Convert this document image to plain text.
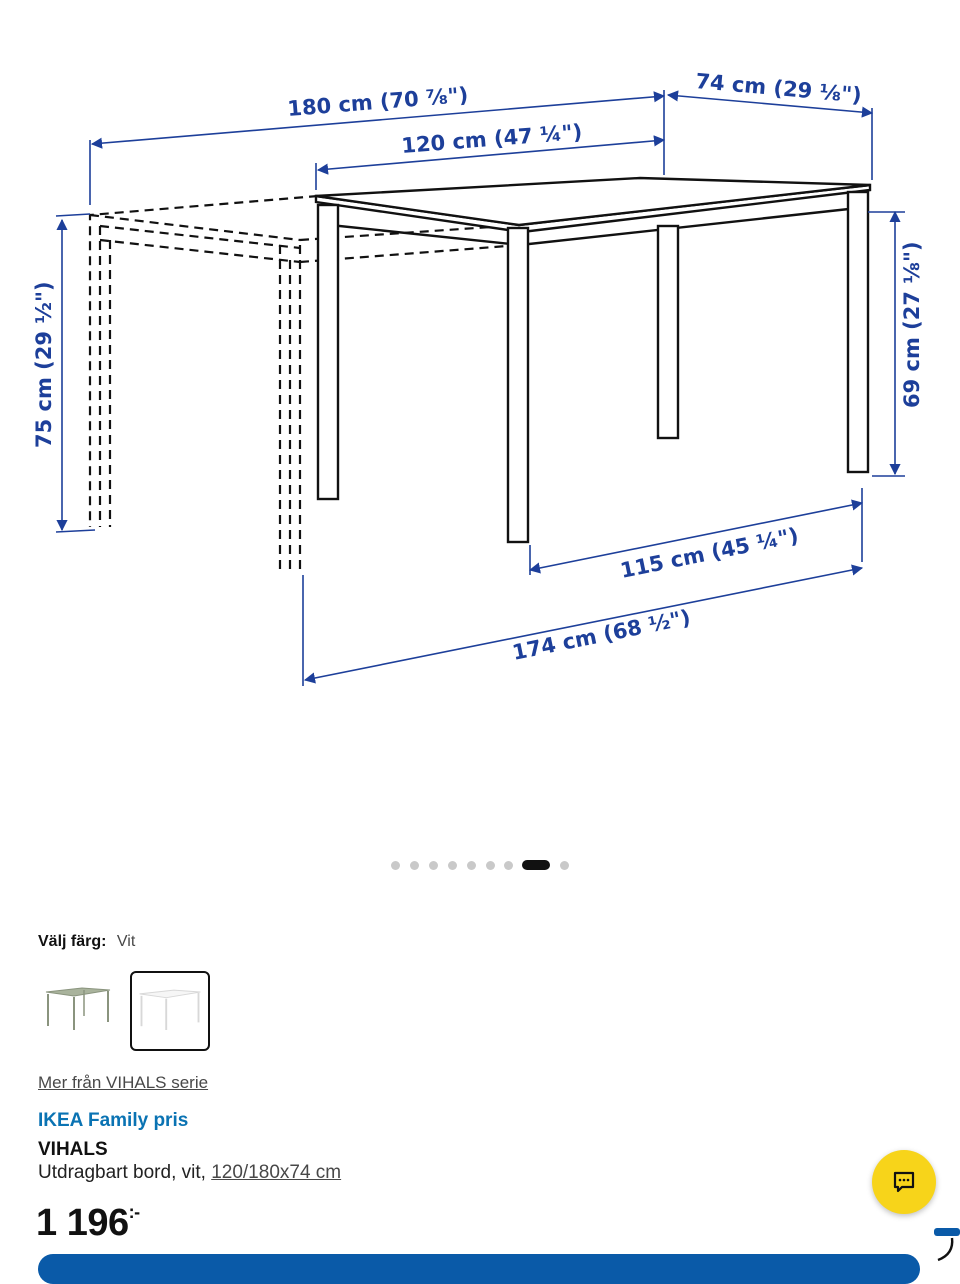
180 cm (70 ⅞")
120 cm (47 ¼")
74 cm (29 ⅛")
75 cm (29 ½")	69 cm (27 ⅛")
115 cm (45 ¼")
174 cm (68 ½")
Välj färg: Vit
Mer från VIHALS serie
IKEA Family pris
VIHALS
Utdragbart bord, vit, 120/180x74 cm
1 196:-
